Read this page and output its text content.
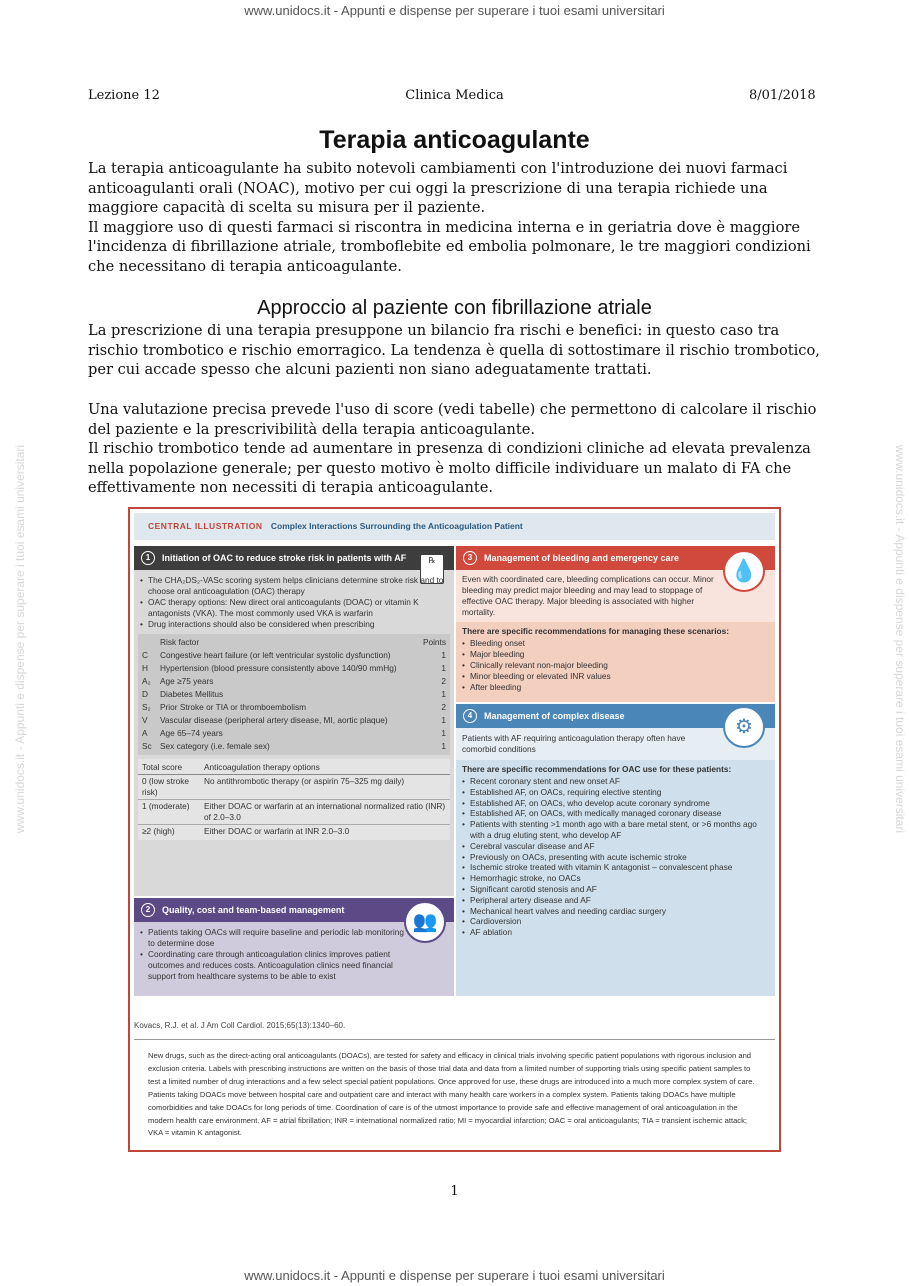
www.unidocs.it - Appunti e dispense per superare i tuoi esami universitari
www.unidocs.it - Appunti e dispense per superare i tuoi esami universitari
www.unidocs.it - Appunti e dispense per superare i tuoi esami universitari	www.unidocs.it - Appunti e dispense per superare i tuoi esami universitari
Lezione 12	Clinica Medica	8/01/2018
Terapia anticoagulante

La terapia anticoagulante ha subito notevoli cambiamenti con l'introduzione dei nuovi farmaci anticoagulanti orali (NOAC), motivo per cui oggi la prescrizione di una terapia richiede una maggiore capacità di scelta su misura per il paziente.

Il maggiore uso di questi farmaci si riscontra in medicina interna e in geriatria dove è maggiore l'incidenza di fibrillazione atriale, tromboflebite ed embolia polmonare, le tre maggiori condizioni che necessitano di terapia anticoagulante.

Approccio al paziente con fibrillazione atriale

La prescrizione di una terapia presuppone un bilancio fra rischi e benefici: in questo caso tra rischio trombotico e rischio emorragico. La tendenza è quella di sottostimare il rischio trombotico, per cui accade spesso che alcuni pazienti non siano adeguatamente trattati.

Una valutazione precisa prevede l'uso di score (vedi tabelle) che permettono di calcolare il rischio del paziente e la prescrivibilità della terapia anticoagulante.

Il rischio trombotico tende ad aumentare in presenza di condizioni cliniche ad elevata prevalenza nella popolazione generale; per questo motivo è molto difficile individuare un malato di FA che effettivamente non necessiti di terapia anticoagulante.

CENTRAL ILLUSTRATION Complex Interactions Surrounding the Anticoagulation Patient
1	Initiation of OAC to reduce stroke risk in patients with AF	℞
• The CHA₂DS₂-VASc scoring system helps clinicians determine stroke risk and to choose oral anticoagulation (OAC) therapy
• OAC therapy options: New direct oral anticoagulants (DOAC) or vitamin K antagonists (VKA). The most commonly used VKA is warfarin
• Drug interactions should also be considered when prescribing
	Risk factor	Points
C	Congestive heart failure (or left ventricular systolic dysfunction)	1
H	Hypertension (blood pressure consistently above 140/90 mmHg)	1
A₂	Age ≥75 years	2
D	Diabetes Mellitus	1
S₂	Prior Stroke or TIA or thromboembolism	2
V	Vascular disease (peripheral artery disease, MI, aortic plaque)	1
A	Age 65–74 years	1
Sc	Sex category (i.e. female sex)	1
Total score	Anticoagulation therapy options
0 (low stroke risk)	No antithrombotic therapy (or aspirin 75–325 mg daily)
1 (moderate)	Either DOAC or warfarin at an international normalized ratio (INR) of 2.0–3.0
≥2 (high)	Either DOAC or warfarin at INR 2.0–3.0
2	Quality, cost and team-based management
👥
• Patients taking OACs will require baseline and periodic lab monitoring to determine dose
• Coordinating care through anticoagulation clinics improves patient outcomes and reduces costs. Anticoagulation clinics need financial support from healthcare systems to be able to exist
3	Management of bleeding and emergency care	💧
Even with coordinated care, bleeding complications can occur. Minor bleeding may predict major bleeding and may lead to stoppage of effective OAC therapy. Major bleeding is associated with higher mortality.
There are specific recommendations for managing these scenarios:
• Bleeding onset
• Major bleeding
• Clinically relevant non-major bleeding
• Minor bleeding or elevated INR values
• After bleeding
4	Management of complex disease	⚙
Patients with AF requiring anticoagulation therapy often have comorbid conditions
There are specific recommendations for OAC use for these patients:
• Recent coronary stent and new onset AF
• Established AF, on OACs, requiring elective stenting
• Established AF, on OACs, who develop acute coronary syndrome
• Established AF, on OACs, with medically managed coronary disease
• Patients with stenting >1 month ago with a bare metal stent, or >6 months ago with a drug eluting stent, who develop AF
• Cerebral vascular disease and AF
• Previously on OACs, presenting with acute ischemic stroke
• Ischemic stroke treated with vitamin K antagonist – convalescent phase
• Hemorrhagic stroke, no OACs
• Significant carotid stenosis and AF
• Peripheral artery disease and AF
• Mechanical heart valves and needing cardiac surgery
• Cardioversion
• AF ablation
Kovacs, R.J. et al. J Am Coll Cardiol. 2015;65(13):1340–60.
New drugs, such as the direct-acting oral anticoagulants (DOACs), are tested for safety and efficacy in clinical trials involving specific patient populations with rigorous inclusion and exclusion criteria. Labels with prescribing instructions are written on the basis of those trial data and data from a limited number of supporting trials using specific patient samples to test a limited number of drug interactions and a few select special patient populations. Once approved for use, these drugs are introduced into a much more complex system of care. Patients taking DOACs move between hospital care and outpatient care and interact with many health care workers in a complex system. Patients taking DOACs have multiple comorbidities and take DOACs for long periods of time. Coordination of care is of the utmost importance to provide safe and effective management of oral anticoagulation in the modern health care environment. AF = atrial fibrillation; INR = international normalized ratio; MI = myocardial infarction; OAC = oral anticoagulants; TIA = transient ischemic attack; VKA = vitamin K antagonist.
1
